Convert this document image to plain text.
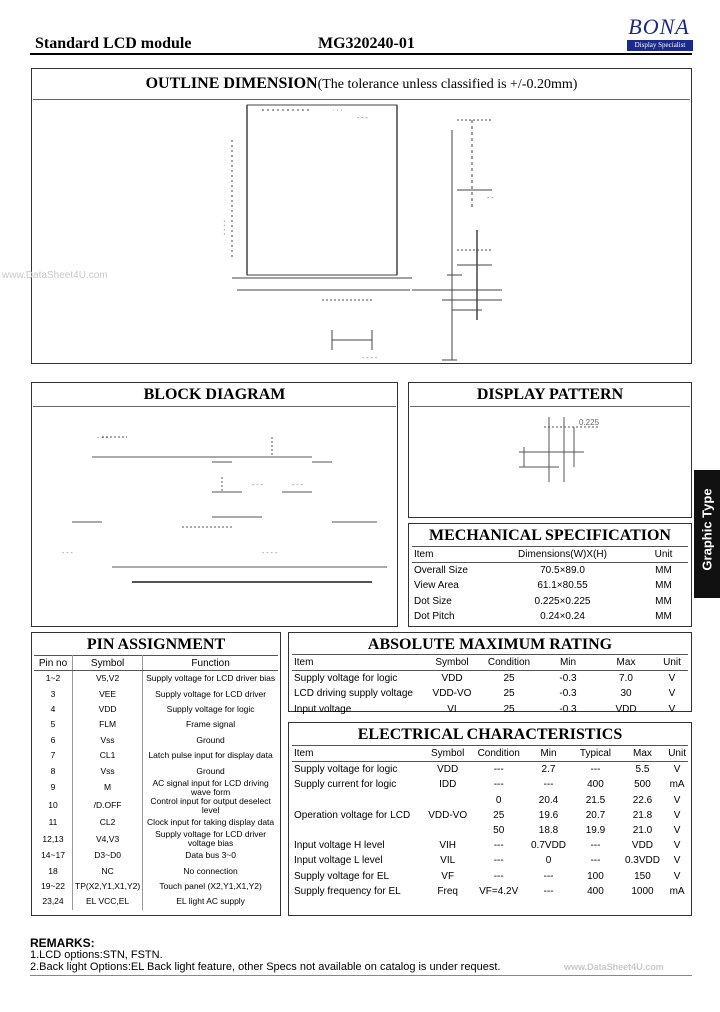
Standard LCD module	MG320240-01
BONA
Display Specialist
OUTLINE DIMENSION(The tolerance unless classified is +/-0.20mm)
· · ·
- - -
- - - -
- - - -
- -
BLOCK DIAGRAM
- - -
- - -	- - -
- - - -
- - -
DISPLAY PATTERN
0.225
MECHANICAL SPECIFICATION
Item	Dimensions(W)X(H)	Unit
Overall Size	70.5×89.0	MM
View Area	61.1×80.55	MM
Dot Size	0.225×0.225	MM
Dot Pitch	0.24×0.24	MM
Graphic Type
PIN ASSIGNMENT
Pin no	Symbol	Function
1~2	V5,V2	Supply voltage for LCD driver bias
3	VEE	Supply voltage for LCD driver
4	VDD	Supply voltage for logic
5	FLM	Frame signal
6	Vss	Ground
7	CL1	Latch pulse input for display data
8	Vss	Ground
9	M	AC signal input for LCD driving wave form
10	/D.OFF	Control input for output deselect level
11	CL2	Clock input for taking display data
12,13	V4,V3	Supply voltage for LCD driver voltage bias
14~17	D3~D0	Data bus 3~0
18	NC	No connection
19~22	TP(X2,Y1,X1,Y2)	Touch panel (X2,Y1,X1,Y2)
23,24	EL VCC,EL	EL light AC supply
ABSOLUTE MAXIMUM RATING
Item	Symbol	Condition	Min	Max	Unit
Supply voltage for logic	VDD	25	-0.3	7.0	V
LCD driving supply voltage	VDD-VO	25	-0.3	30	V
Input voltage	VI	25	-0.3	VDD	V
ELECTRICAL CHARACTERISTICS
Item	Symbol	Condition	Min	Typical	Max	Unit
Supply voltage for logic	VDD	---	2.7	---	5.5	V
Supply current for logic	IDD	---	---	400	500	mA
		0	20.4	21.5	22.6	V
Operation voltage for LCD	VDD-VO	25	19.6	20.7	21.8	V
		50	18.8	19.9	21.0	V
Input voltage H level	VIH	---	0.7VDD	---	VDD	V
Input voltage L level	VIL	---	0	---	0.3VDD	V
Supply voltage for EL	VF	---	---	100	150	V
Supply frequency for EL	Freq	VF=4.2V	---	400	1000	mA
REMARKS:
1.LCD options:STN, FSTN.
2.Back light Options:EL Back light feature, other Specs not available on catalog is under request.
www.DataSheet4U.com
www.DataSheet4U.com
